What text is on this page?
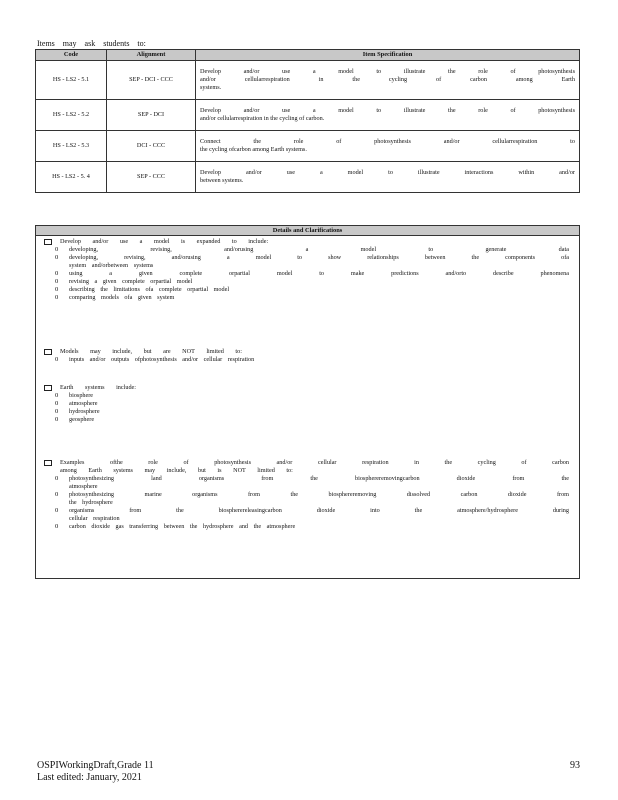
Items may ask students to:
Code	Alignment	Item Specification
HS - LS2 - 5.1	SEP - DCI - CCC	Develop and/or use a model to illustrate the role of photosynthesis
and/or cellularrespiration in the cycling of carbon among Earth
systems.

HS - LS2 - 5.2	SEP - DCI	Develop and/or use a model to illustrate the role of photosynthesis
and/or cellularrespiration in the cycling of carbon.

HS - LS2 - 5.3	DCI - CCC	Connect the role of photosynthesis and/or cellularrespiration to
the cycling ofcarbon among Earth systems.

HS - LS2 - 5. 4	SEP - CCC	Develop and/or use a model to illustrate interactions within and/or
between systems.
Details and Clarifications
Develop and/or use a model is expanded to include:
0	developing, revising, and/orusing a model to generate data
0	developing, revising, and/orusing a model to show relationships between the components ofa
system and/orbetween systems
0	using a given complete orpartial model to make predictions and/orto describe phenomena
0	revising a given complete orpartial model
0	describing the limitations ofa complete orpartial model
0	comparing models ofa given system
Models may include, but are NOT limited to:
0	inputs and/or outputs ofphotosynthesis and/or cellular respiration
Earth systems include:
0	biosphere
0	atmosphere
0	hydrosphere
0	geosphere
Examples ofthe role of photosynthesis and/or cellular respiration in the cycling of carbon
among Earth systems may include, but is NOT limited to:
0	photosynthesizing land organisms from the biosphereremovingcarbon dioxide from the
atmosphere
0	photosynthesizing marine organisms from the biosphereremoving dissolved carbon dioxide from
the hydrosphere
0	organisms from the biospherereleasingcarbon dioxide into the atmosphere/hydrosphere during
cellular respiration
0	carbon dioxide gas transferring between the hydrosphere and the atmosphere
OSPIWorkingDraft,Grade 11
Last edited: January, 2021
93
